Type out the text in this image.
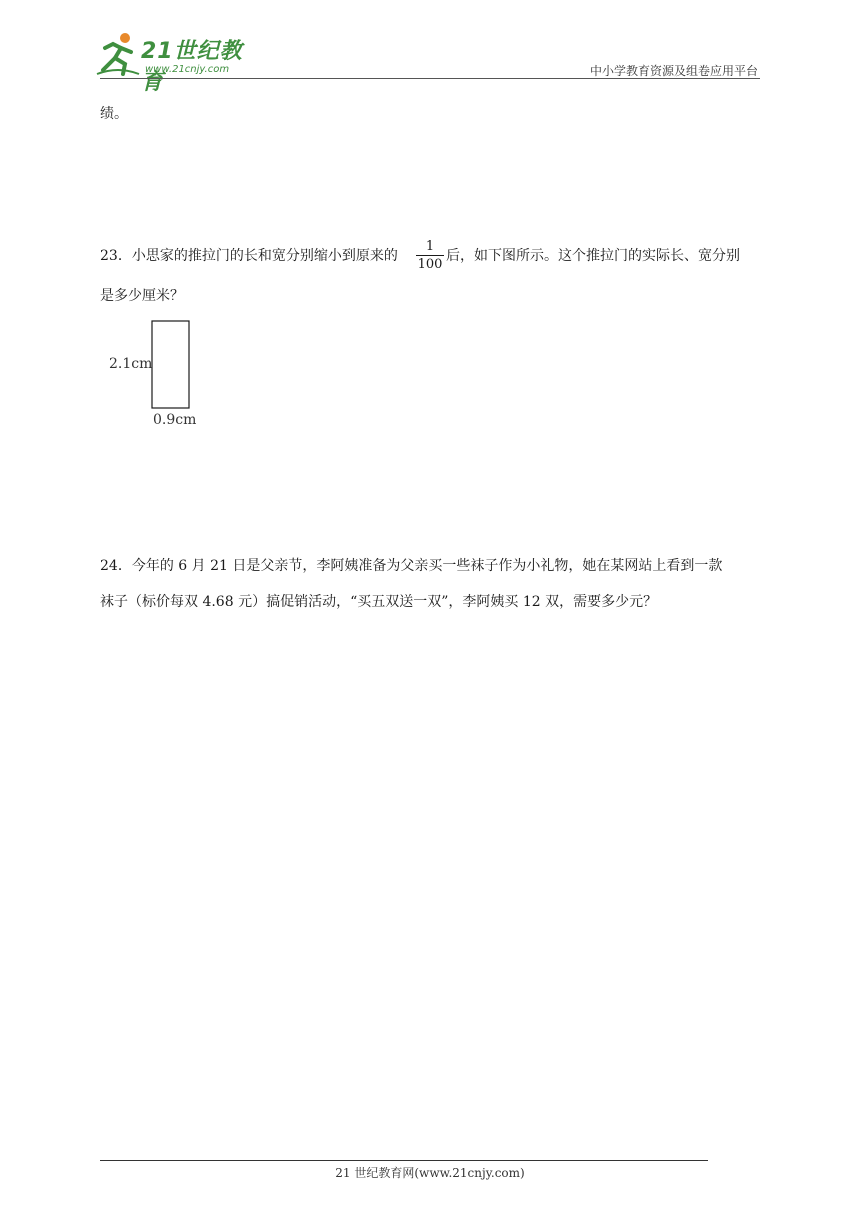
21世纪教育
www.21cnjy.com	中小学教育资源及组卷应用平台
绩。
23．小思家的推拉门的长和宽分别缩小到原来的 $\frac{1}{100}$ 后，如下图所示。这个推拉门的实际长、宽分别
是多少厘米？
2.1cm
0.9cm
24．今年的 6 月 21 日是父亲节，李阿姨准备为父亲买一些袜子作为小礼物，她在某网站上看到一款
袜子（标价每双 4.68 元）搞促销活动，“买五双送一双”，李阿姨买 12 双，需要多少元？
21 世纪教育网(www.21cnjy.com)
